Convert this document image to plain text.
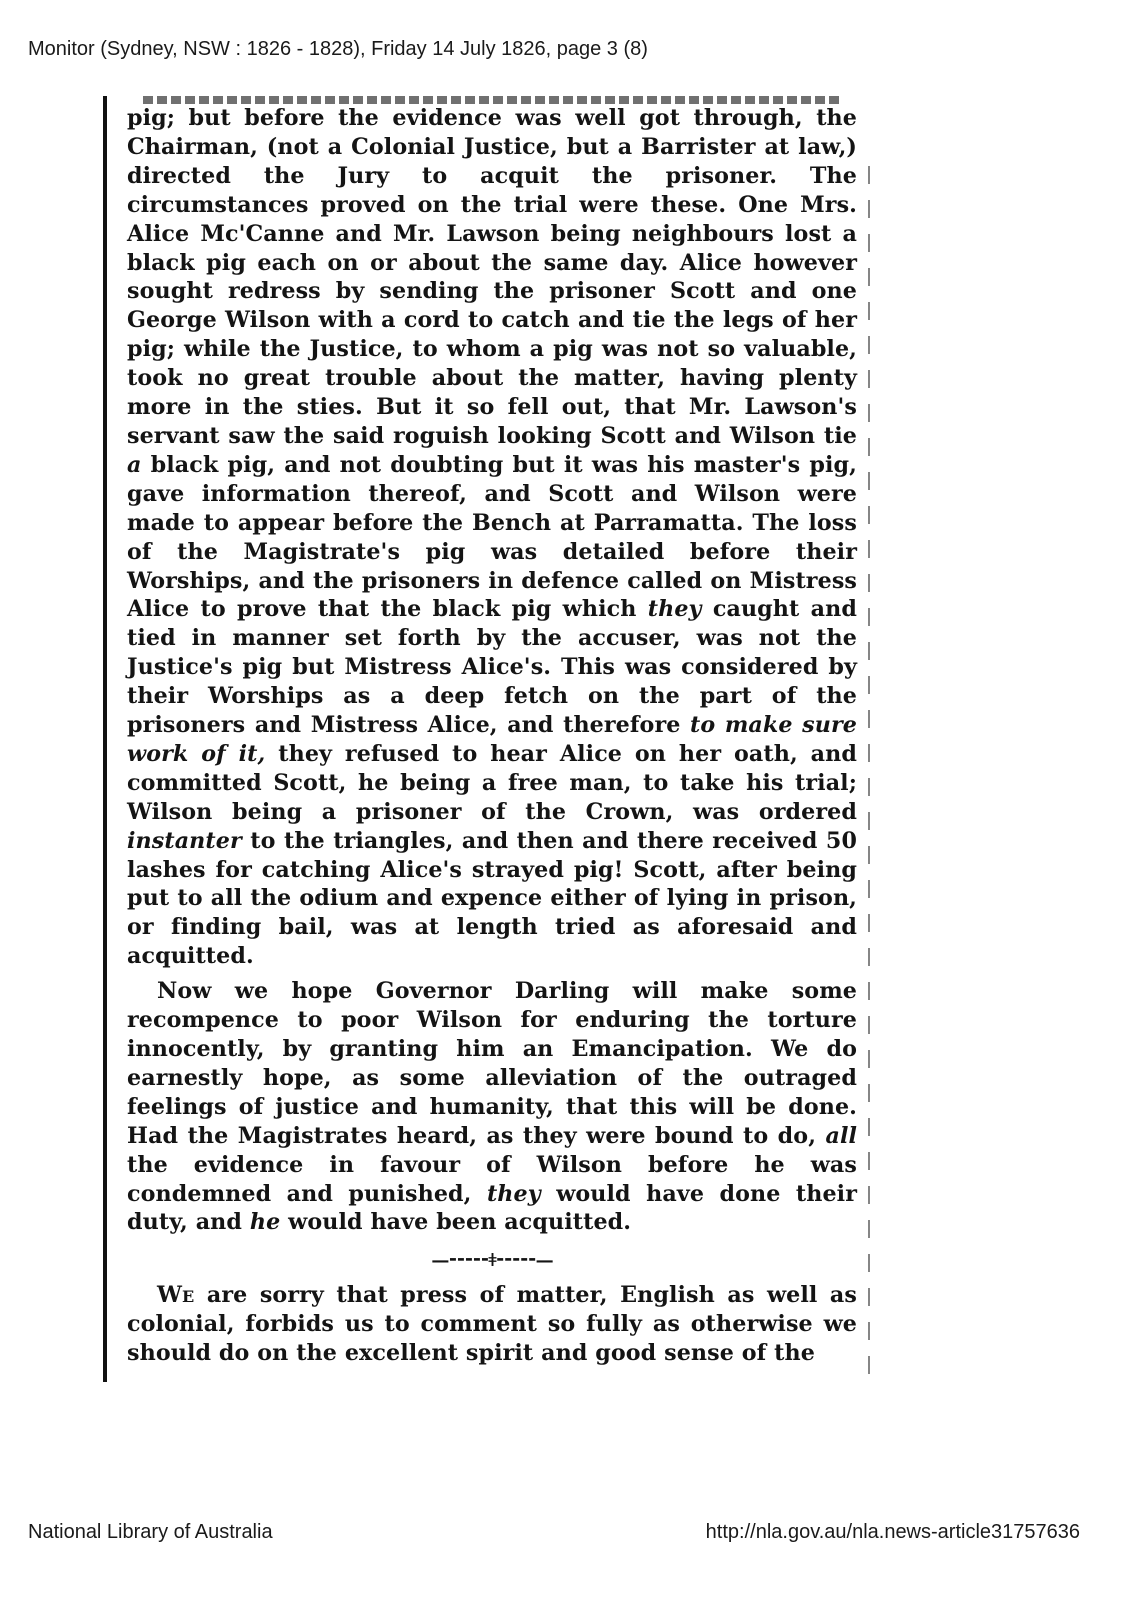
Monitor (Sydney, NSW : 1826 - 1828), Friday 14 July 1826, page 3 (8)

pig; but before the evidence was well got through, the Chairman, (not a Colonial Justice, but a Barrister at law,) directed the Jury to acquit the prisoner. The circumstances proved on the trial were these. One Mrs. Alice Mc'Canne and Mr. Lawson being neighbours lost a black pig each on or about the same day. Alice however sought redress by sending the prisoner Scott and one George Wilson with a cord to catch and tie the legs of her pig; while the Justice, to whom a pig was not so valuable, took no great trouble about the matter, having plenty more in the sties. But it so fell out, that Mr. Lawson's servant saw the said roguish looking Scott and Wilson tie a black pig, and not doubting but it was his master's pig, gave information thereof, and Scott and Wilson were made to appear before the Bench at Parramatta. The loss of the Magistrate's pig was detailed before their Worships, and the prisoners in defence called on Mistress Alice to prove that the black pig which they caught and tied in manner set forth by the accuser, was not the Justice's pig but Mistress Alice's. This was considered by their Worships as a deep fetch on the part of the prisoners and Mistress Alice, and therefore to make sure work of it, they refused to hear Alice on her oath, and committed Scott, he being a free man, to take his trial; Wilson being a prisoner of the Crown, was ordered instanter to the triangles, and then and there received 50 lashes for catching Alice's strayed pig! Scott, after being put to all the odium and expence either of lying in prison, or finding bail, was at length tried as aforesaid and acquitted.

Now we hope Governor Darling will make some recompence to poor Wilson for enduring the torture innocently, by granting him an Emancipation. We do earnestly hope, as some alleviation of the outraged feelings of justice and humanity, that this will be done. Had the Magistrates heard, as they were bound to do, all the evidence in favour of Wilson before he was condemned and punished, they would have done their duty, and he would have been acquitted.

—⁃⁃⁃⁃⁃ǂ⁃⁃⁃⁃⁃—

We are sorry that press of matter, English as well as colonial, forbids us to comment so fully as otherwise we should do on the excellent spirit and good sense of the

National Library of Australia	http://nla.gov.au/nla.news-article31757636
